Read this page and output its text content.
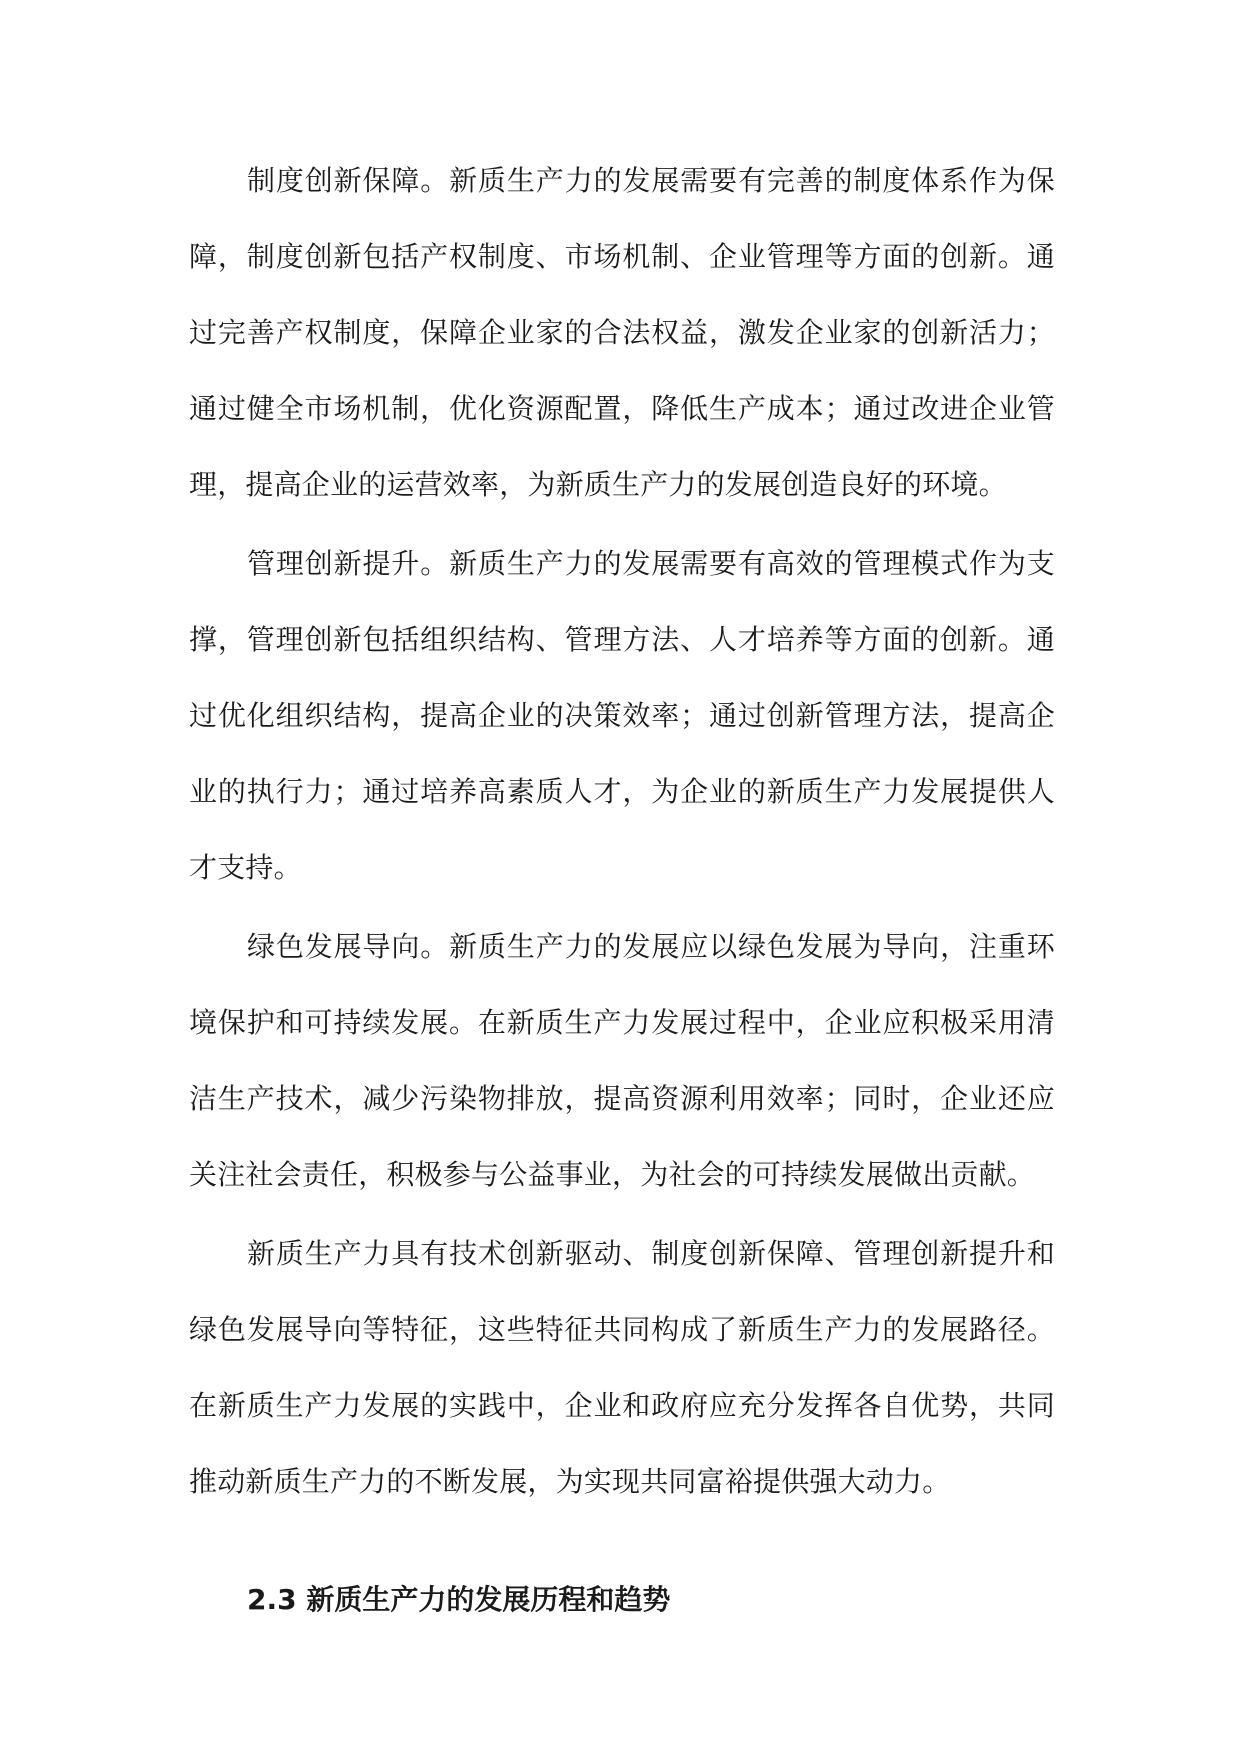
制度创新保障。新质生产力的发展需要有完善的制度体系作为保障，制度创新包括产权制度、市场机制、企业管理等方面的创新。通过完善产权制度，保障企业家的合法权益，激发企业家的创新活力；通过健全市场机制，优化资源配置，降低生产成本；通过改进企业管理，提高企业的运营效率，为新质生产力的发展创造良好的环境。

管理创新提升。新质生产力的发展需要有高效的管理模式作为支撑，管理创新包括组织结构、管理方法、人才培养等方面的创新。通过优化组织结构，提高企业的决策效率；通过创新管理方法，提高企业的执行力；通过培养高素质人才，为企业的新质生产力发展提供人才支持。

绿色发展导向。新质生产力的发展应以绿色发展为导向，注重环境保护和可持续发展。在新质生产力发展过程中，企业应积极采用清洁生产技术，减少污染物排放，提高资源利用效率；同时，企业还应关注社会责任，积极参与公益事业，为社会的可持续发展做出贡献。

新质生产力具有技术创新驱动、制度创新保障、管理创新提升和绿色发展导向等特征，这些特征共同构成了新质生产力的发展路径。在新质生产力发展的实践中，企业和政府应充分发挥各自优势，共同推动新质生产力的不断发展，为实现共同富裕提供强大动力。

2.3 新质生产力的发展历程和趋势
